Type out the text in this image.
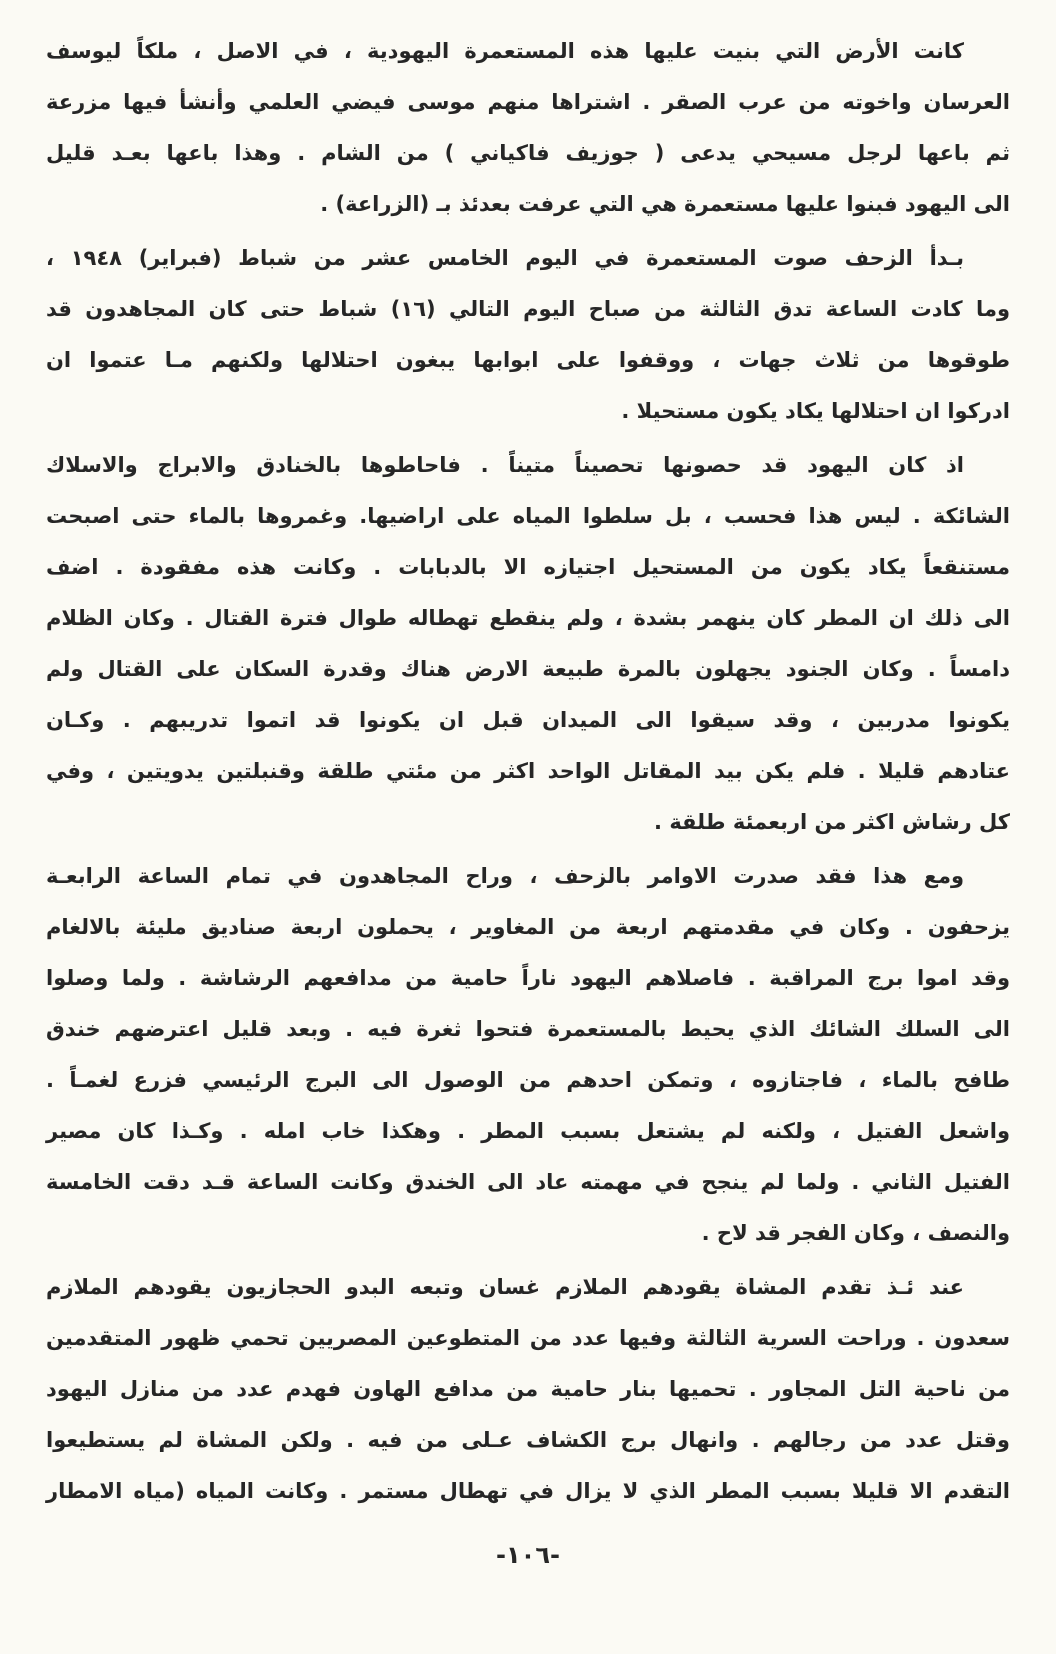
كانت الأرض التي بنيت عليها هذه المستعمرة اليهودية ، في الاصل ، ملكاً ليوسف
العرسان واخوته من عرب الصقر . اشتراها منهم موسى فيضي العلمي وأنشأ فيها مزرعة
ثم باعها لرجل مسيحي يدعى ( جوزيف فاكياني ) من الشام . وهذا باعها بعـد قليل
الى اليهود فبنوا عليها مستعمرة هي التي عرفت بعدئذ بـ (الزراعة) .
بـدأ الزحف صوت المستعمرة في اليوم الخامس عشر من شباط (فبراير) ١٩٤٨ ،
وما كادت الساعة تدق الثالثة من صباح اليوم التالي (١٦) شباط حتى كان المجاهدون قد
طوقوها من ثلاث جهات ، ووقفوا على ابوابها يبغون احتلالها ولكنهم مـا عتموا ان
ادركوا ان احتلالها يكاد يكون مستحيلا .
اذ كان اليهود قد حصونها تحصيناً متيناً . فاحاطوها بالخنادق والابراج والاسلاك
الشائكة . ليس هذا فحسب ، بل سلطوا المياه على اراضيها. وغمروها بالماء حتى اصبحت
مستنقعاً يكاد يكون من المستحيل اجتيازه الا بالدبابات . وكانت هذه مفقودة . اضف
الى ذلك ان المطر كان ينهمر بشدة ، ولم ينقطع تهطاله طوال فترة القتال . وكان الظلام
دامساً . وكان الجنود يجهلون بالمرة طبيعة الارض هناك وقدرة السكان على القتال ولم
يكونوا مدربين ، وقد سيقوا الى الميدان قبل ان يكونوا قد اتموا تدريبهم . وكـان
عتادهم قليلا . فلم يكن بيد المقاتل الواحد اكثر من مئتي طلقة وقنبلتين يدويتين ، وفي
كل رشاش اكثر من اربعمئة طلقة .
ومع هذا فقد صدرت الاوامر بالزحف ، وراح المجاهدون في تمام الساعة الرابعـة
يزحفون . وكان في مقدمتهم اربعة من المغاوير ، يحملون اربعة صناديق مليئة بالالغام
وقد اموا برج المراقبة . فاصلاهم اليهود ناراً حامية من مدافعهم الرشاشة . ولما وصلوا
الى السلك الشائك الذي يحيط بالمستعمرة فتحوا ثغرة فيه . وبعد قليل اعترضهم خندق
طافح بالماء ، فاجتازوه ، وتمكن احدهم من الوصول الى البرج الرئيسي فزرع لغمـاً .
واشعل الفتيل ، ولكنه لم يشتعل بسبب المطر . وهكذا خاب امله . وكـذا كان مصير
الفتيل الثاني . ولما لم ينجح في مهمته عاد الى الخندق وكانت الساعة قـد دقت الخامسة
والنصف ، وكان الفجر قد لاح .
عند ئـذ تقدم المشاة يقودهم الملازم غسان وتبعه البدو الحجازيون يقودهم الملازم
سعدون . وراحت السرية الثالثة وفيها عدد من المتطوعين المصريين تحمي ظهور المتقدمين
من ناحية التل المجاور . تحميها بنار حامية من مدافع الهاون فهدم عدد من منازل اليهود
وقتل عدد من رجالهم . وانهال برج الكشاف عـلى من فيه . ولكن المشاة لم يستطيعوا
التقدم الا قليلا بسبب المطر الذي لا يزال في تهطال مستمر . وكانت المياه (مياه الامطار
-١٠٦-
